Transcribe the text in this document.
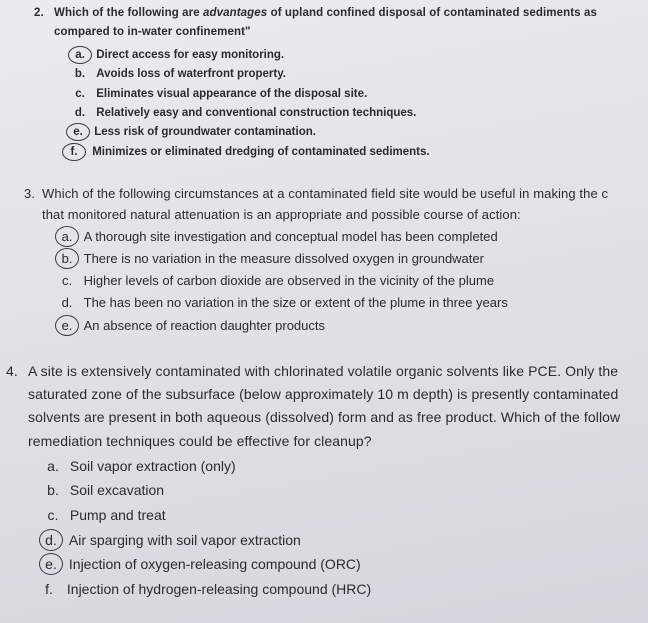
2. Which of the following are advantages of upland confined disposal of contaminated sediments as
compared to in-water confinement"
a. Direct access for easy monitoring.
b. Avoids loss of waterfront property.
c. Eliminates visual appearance of the disposal site.
d. Relatively easy and conventional construction techniques.
e. Less risk of groundwater contamination.
f. Minimizes or eliminated dredging of contaminated sediments.
3. Which of the following circumstances at a contaminated field site would be useful in making the c
that monitored natural attenuation is an appropriate and possible course of action:
a. A thorough site investigation and conceptual model has been completed
b. There is no variation in the measure dissolved oxygen in groundwater
c. Higher levels of carbon dioxide are observed in the vicinity of the plume
d. The has been no variation in the size or extent of the plume in three years
e. An absence of reaction daughter products
4. A site is extensively contaminated with chlorinated volatile organic solvents like PCE. Only the
saturated zone of the subsurface (below approximately 10 m depth) is presently contaminated
solvents are present in both aqueous (dissolved) form and as free product. Which of the follow
remediation techniques could be effective for cleanup?
a. Soil vapor extraction (only)
b. Soil excavation
c. Pump and treat
d. Air sparging with soil vapor extraction
e. Injection of oxygen-releasing compound (ORC)
f. Injection of hydrogen-releasing compound (HRC)
